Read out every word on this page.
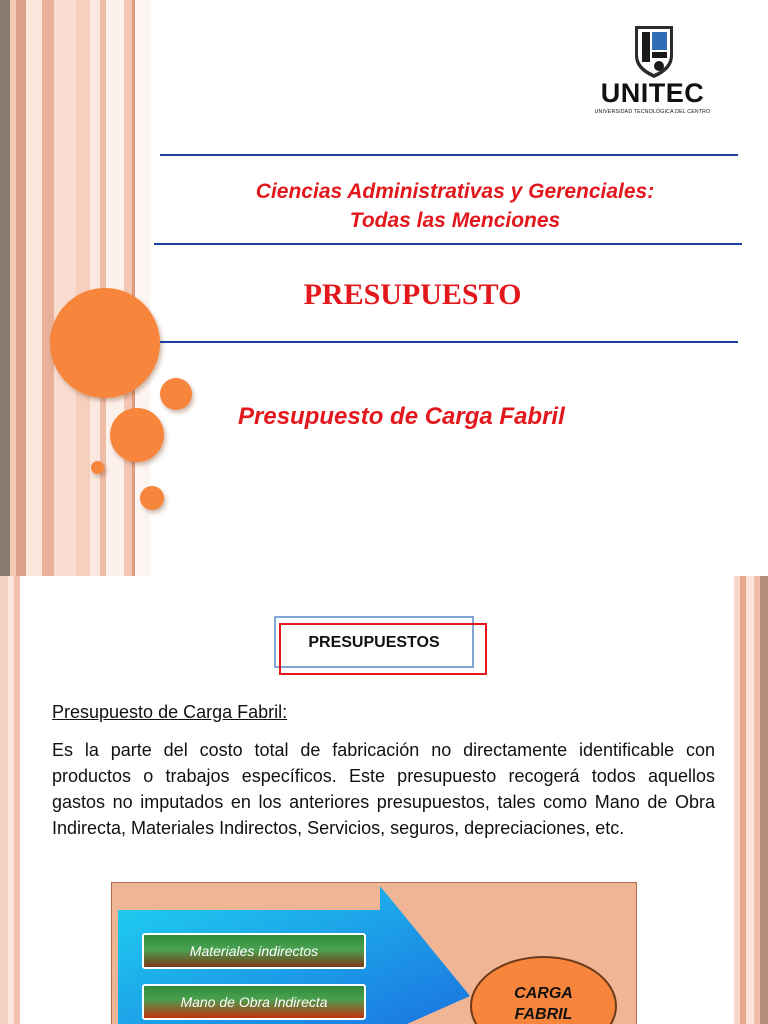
UNITEC
UNIVERSIDAD TECNOLÓGICA DEL CENTRO
Ciencias Administrativas y Gerenciales:
Todas las Menciones
PRESUPUESTO
Presupuesto de Carga Fabril
PRESUPUESTOS
Presupuesto de Carga Fabril:
Es la parte del costo total de fabricación no directamente identificable con productos o trabajos específicos. Este presupuesto recogerá todos aquellos gastos no imputados en los anteriores presupuestos, tales como Mano de Obra Indirecta, Materiales Indirectos, Servicios, seguros, depreciaciones, etc.
Materiales indirectos
Mano de Obra Indirecta	CARGA
FABRIL
